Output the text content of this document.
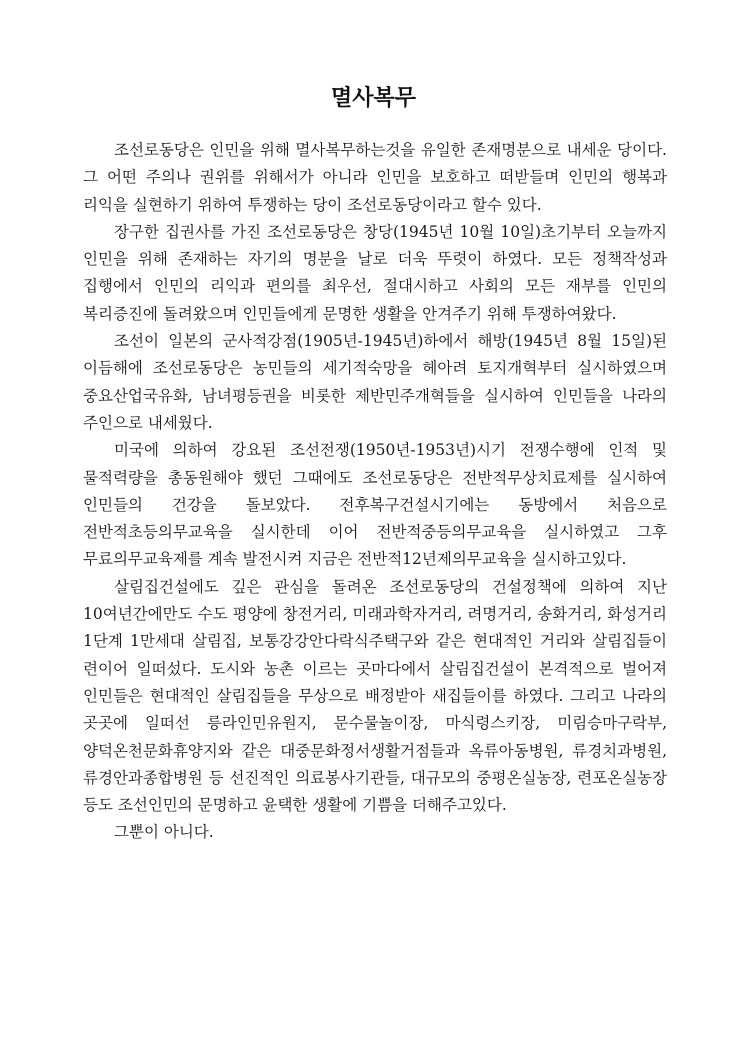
멸사복무

조선로동당은 인민을 위해 멸사복무하는것을 유일한 존재명분으로 내세운 당이다. 그 어떤 주의나 권위를 위해서가 아니라 인민을 보호하고 떠받들며 인민의 행복과 리익을 실현하기 위하여 투쟁하는 당이 조선로동당이라고 할수 있다.

장구한 집권사를 가진 조선로동당은 창당(1945년 10월 10일)초기부터 오늘까지 인민을 위해 존재하는 자기의 명분을 날로 더욱 뚜렷이 하였다. 모든 정책작성과 집행에서 인민의 리익과 편의를 최우선, 절대시하고 사회의 모든 재부를 인민의 복리증진에 돌려왔으며 인민들에게 문명한 생활을 안겨주기 위해 투쟁하여왔다.

조선이 일본의 군사적강점(1905년-1945년)하에서 해방(1945년 8월 15일)된 이듬해에 조선로동당은 농민들의 세기적숙망을 헤아려 토지개혁부터 실시하였으며 중요산업국유화, 남녀평등권을 비롯한 제반민주개혁들을 실시하여 인민들을 나라의 주인으로 내세웠다.

미국에 의하여 강요된 조선전쟁(1950년-1953년)시기 전쟁수행에 인적 및 물적력량을 총동원해야 했던 그때에도 조선로동당은 전반적무상치료제를 실시하여 인민들의 건강을 돌보았다. 전후복구건설시기에는 동방에서 처음으로 전반적초등의무교육을 실시한데 이어 전반적중등의무교육을 실시하였고 그후 무료의무교육제를 계속 발전시켜 지금은 전반적12년제의무교육을 실시하고있다.

살림집건설에도 깊은 관심을 돌려온 조선로동당의 건설정책에 의하여 지난 10여년간에만도 수도 평양에 창전거리, 미래과학자거리, 려명거리, 송화거리, 화성거리 1단계 1만세대 살림집, 보통강강안다락식주택구와 같은 현대적인 거리와 살림집들이 련이어 일떠섰다. 도시와 농촌 이르는 곳마다에서 살림집건설이 본격적으로 벌어져 인민들은 현대적인 살림집들을 무상으로 배정받아 새집들이를 하였다. 그리고 나라의 곳곳에 일떠선 릉라인민유원지, 문수물놀이장, 마식령스키장, 미림승마구락부, 양덕온천문화휴양지와 같은 대중문화정서생활거점들과 옥류아동병원, 류경치과병원, 류경안과종합병원 등 선진적인 의료봉사기관들, 대규모의 중평온실농장, 련포온실농장 등도 조선인민의 문명하고 윤택한 생활에 기쁨을 더해주고있다.

그뿐이 아니다.
